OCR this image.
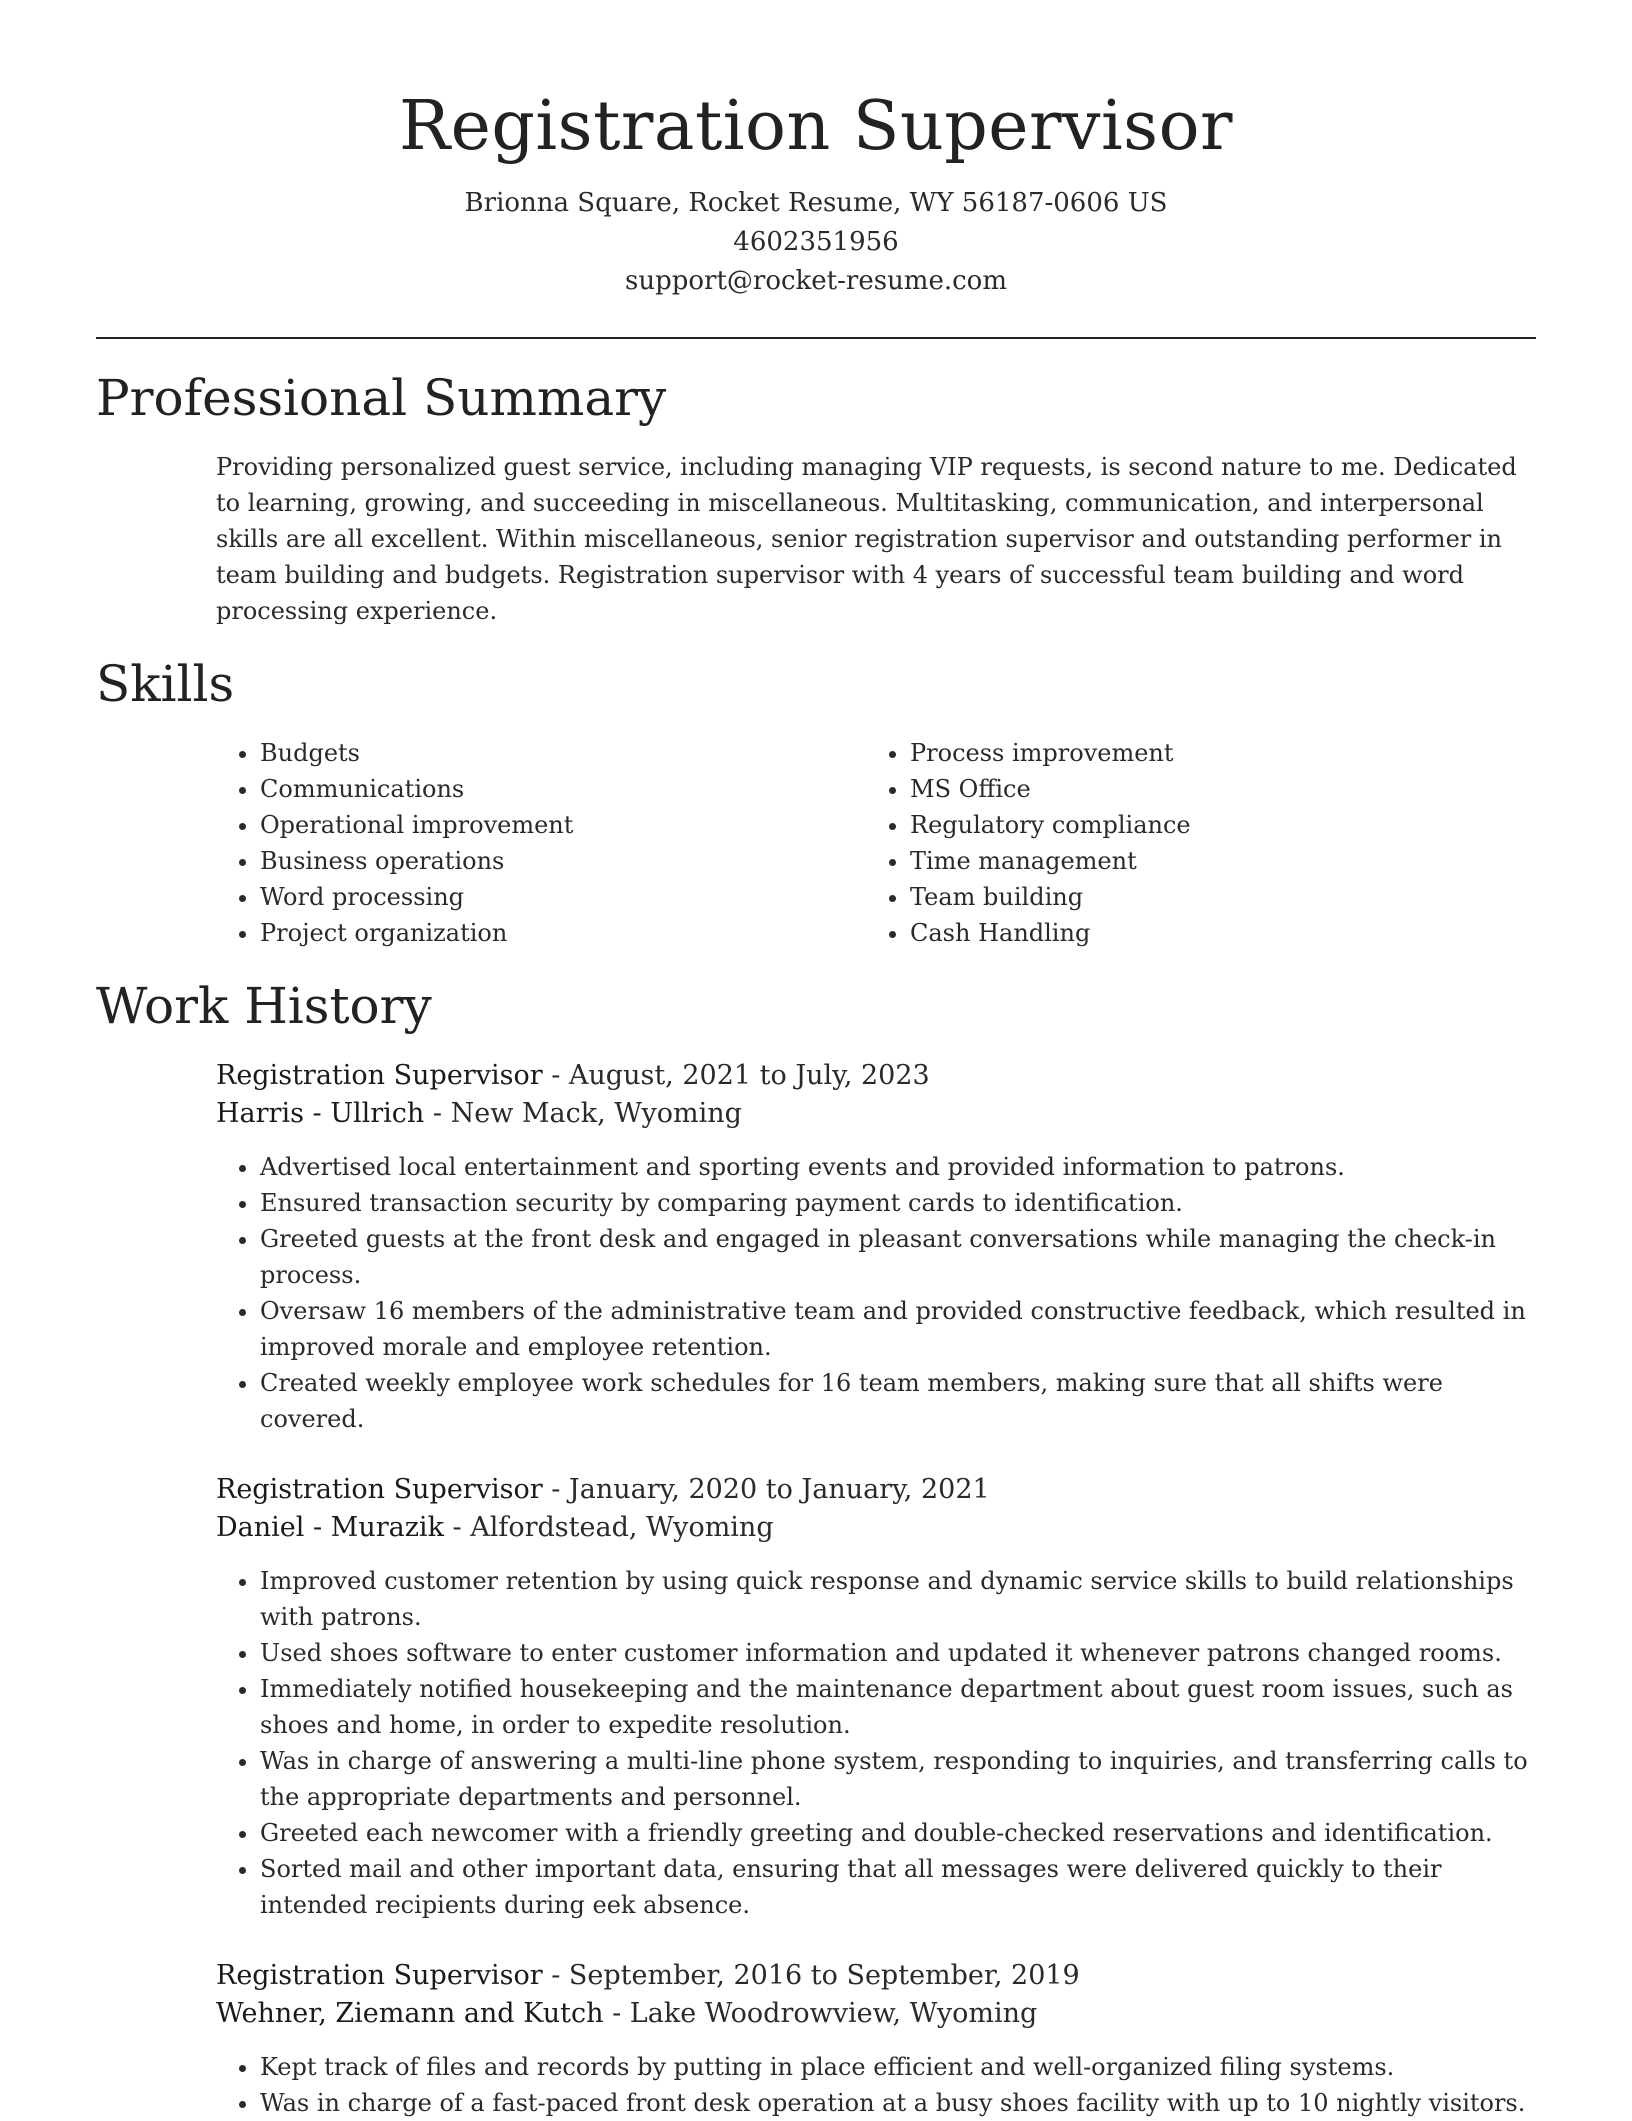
Registration Supervisor

Brionna Square, Rocket Resume, WY 56187-0606 US

4602351956

support@rocket-resume.com

Professional Summary

Providing personalized guest service, including managing VIP requests, is second nature to me. Dedicated to learning, growing, and succeeding in miscellaneous. Multitasking, communication, and interpersonal skills are all excellent. Within miscellaneous, senior registration supervisor and outstanding performer in team building and budgets. Registration supervisor with 4 years of successful team building and word processing experience.

Skills
• Budgets
• Communications
• Operational improvement
• Business operations
• Word processing
• Project organization
• Process improvement
• MS Office
• Regulatory compliance
• Time management
• Team building
• Cash Handling
Work History

Registration Supervisor - August, 2021 to July, 2023

Harris - Ullrich - New Mack, Wyoming

• Advertised local entertainment and sporting events and provided information to patrons.
• Ensured transaction security by comparing payment cards to identification.
• Greeted guests at the front desk and engaged in pleasant conversations while managing the check-in process.
• Oversaw 16 members of the administrative team and provided constructive feedback, which resulted in improved morale and employee retention.
• Created weekly employee work schedules for 16 team members, making sure that all shifts were covered.

Registration Supervisor - January, 2020 to January, 2021

Daniel - Murazik - Alfordstead, Wyoming

• Improved customer retention by using quick response and dynamic service skills to build relationships with patrons.
• Used shoes software to enter customer information and updated it whenever patrons changed rooms.
• Immediately notified housekeeping and the maintenance department about guest room issues, such as shoes and home, in order to expedite resolution.
• Was in charge of answering a multi-line phone system, responding to inquiries, and transferring calls to the appropriate departments and personnel.
• Greeted each newcomer with a friendly greeting and double-checked reservations and identification.
• Sorted mail and other important data, ensuring that all messages were delivered quickly to their intended recipients during eek absence.

Registration Supervisor - September, 2016 to September, 2019

Wehner, Ziemann and Kutch - Lake Woodrowview, Wyoming

• Kept track of files and records by putting in place efficient and well-organized filing systems.
• Was in charge of a fast-paced front desk operation at a busy shoes facility with up to 10 nightly visitors.
